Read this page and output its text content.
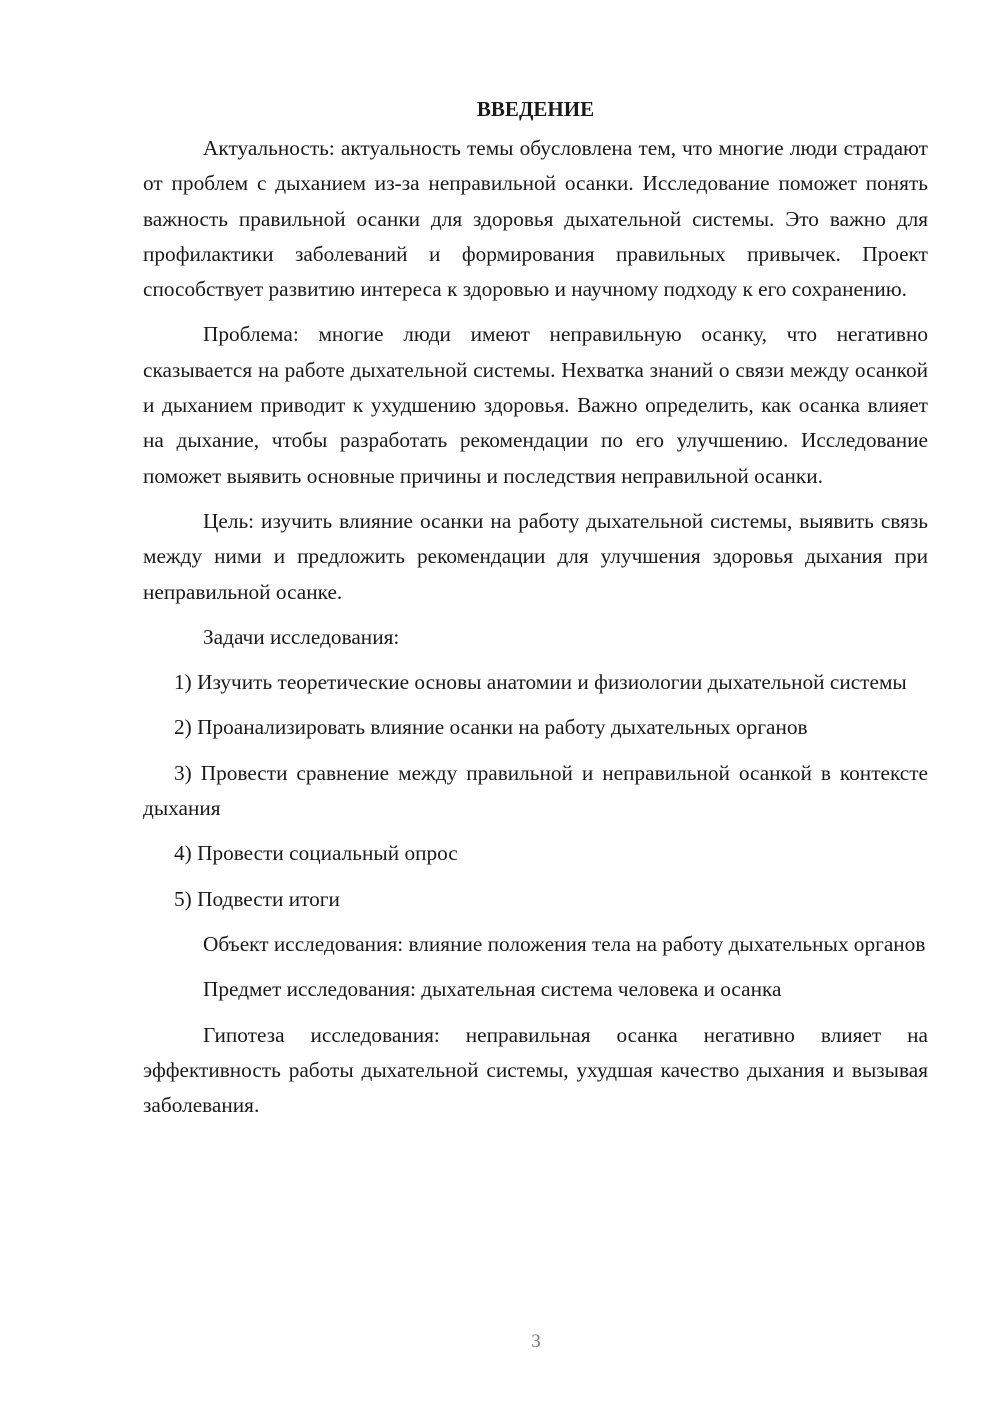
ВВЕДЕНИЕ

Актуальность: актуальность темы обусловлена тем, что многие люди страдают от проблем с дыханием из-за неправильной осанки. Исследование поможет понять важность правильной осанки для здоровья дыхательной системы. Это важно для профилактики заболеваний и формирования правильных привычек. Проект способствует развитию интереса к здоровью и научному подходу к его сохранению.

Проблема: многие люди имеют неправильную осанку, что негативно сказывается на работе дыхательной системы. Нехватка знаний о связи между осанкой и дыханием приводит к ухудшению здоровья. Важно определить, как осанка влияет на дыхание, чтобы разработать рекомендации по его улучшению. Исследование поможет выявить основные причины и последствия неправильной осанки.

Цель: изучить влияние осанки на работу дыхательной системы, выявить связь между ними и предложить рекомендации для улучшения здоровья дыхания при неправильной осанке.

Задачи исследования:

1) Изучить теоретические основы анатомии и физиологии дыхательной системы

2) Проанализировать влияние осанки на работу дыхательных органов

3) Провести сравнение между правильной и неправильной осанкой в контексте дыхания

4) Провести социальный опрос

5) Подвести итоги

Объект исследования: влияние положения тела на работу дыхательных органов

Предмет исследования: дыхательная система человека и осанка

Гипотеза исследования: неправильная осанка негативно влияет на эффективность работы дыхательной системы, ухудшая качество дыхания и вызывая заболевания.

3
